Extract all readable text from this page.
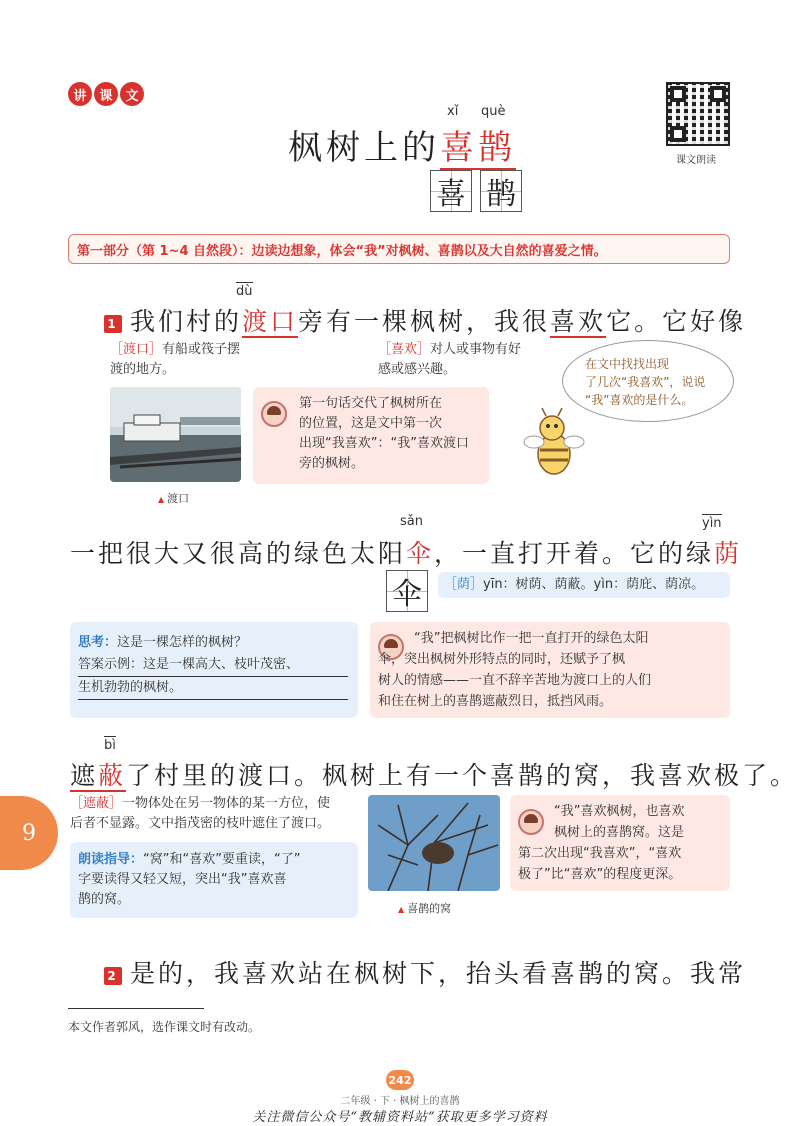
讲 课 文
xǐ què
枫树上的喜鹊
喜 鹊
课文朗读
第一部分（第 1~4 自然段）：边读边想象，体会“我”对枫树、喜鹊以及大自然的喜爱之情。
dù
1 我们村的渡口旁有一棵枫树，我很喜欢它。它好像
［渡口］有船或筏子摆
渡的地方。
［喜欢］对人或事物有好
感或感兴趣。	在文中找找出现
了几次“我喜欢”，说说
“我”喜欢的是什么。
▲ 渡口
第一句话交代了枫树所在
的位置，这是文中第一次
出现“我喜欢”：“我”喜欢渡口
旁的枫树。
sǎn	yìn
一把很大又很高的绿色太阳伞，一直打开着。它的绿荫
伞	［荫］yīn：树荫、荫蔽。yìn：荫庇、荫凉。
思考：这是一棵怎样的枫树？
答案示例：这是一棵高大、枝叶茂密、
生机勃勃的枫树。
“我”把枫树比作一把一直打开的绿色太阳
伞，突出枫树外形特点的同时，还赋予了枫
树人的情感——一直不辞辛苦地为渡口上的人们
和住在树上的喜鹊遮蔽烈日，抵挡风雨。
bì
遮蔽了村里的渡口。枫树上有一个喜鹊的窝，我喜欢极了。
9
［遮蔽］一物体处在另一物体的某一方位，使
后者不显露。文中指茂密的枝叶遮住了渡口。
朗读指导：“窝”和“喜欢”要重读，“了”
字要读得又轻又短，突出“我”喜欢喜
鹊的窝。
▲ 喜鹊的窝
“我”喜欢枫树，也喜欢
枫树上的喜鹊窝。这是
第二次出现“我喜欢”，“喜欢
极了”比“喜欢”的程度更深。
2 是的，我喜欢站在枫树下，抬头看喜鹊的窝。我常
本文作者郭风，选作课文时有改动。
242
二年级 · 下 · 枫树上的喜鹊
关注微信公众号“教辅资料站”获取更多学习资料
